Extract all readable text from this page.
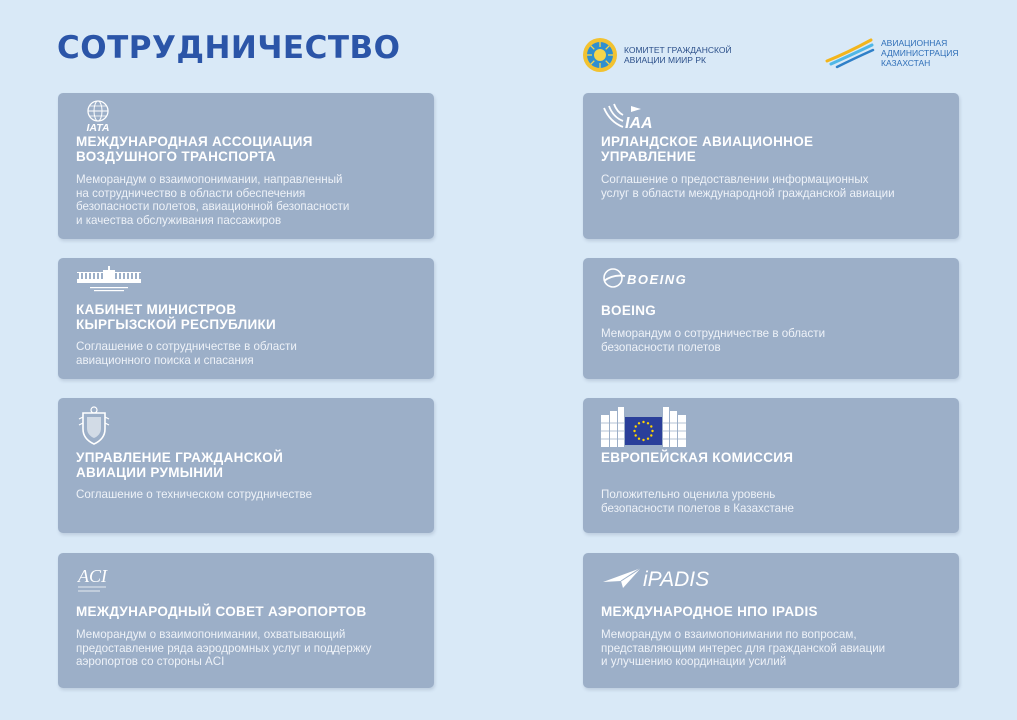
СОТРУДНИЧЕСТВО	КОМИТЕТ ГРАЖДАНСКОЙ
АВИАЦИИ МИИР РК
АВИАЦИОННАЯ
АДМИНИСТРАЦИЯ
КАЗАХСТАН
IATA
МЕЖДУНАРОДНАЯ АССОЦИАЦИЯ
ВОЗДУШНОГО ТРАНСПОРТА
Меморандум о взаимопонимании, направленный
на сотрудничество в области обеспечения
безопасности полетов, авиационной безопасности
и качества обслуживания пассажиров
IAA
ИРЛАНДСКОЕ АВИАЦИОННОЕ
УПРАВЛЕНИЕ
Соглашение о предоставлении информационных
услуг в области международной гражданской авиации
КАБИНЕТ МИНИСТРОВ
КЫРГЫЗСКОЙ РЕСПУБЛИКИ
Соглашение о сотрудничестве в области
авиационного поиска и спасания
BOEING
BOEING
Меморандум о сотрудничестве в области
безопасности полетов
УПРАВЛЕНИЕ ГРАЖДАНСКОЙ
АВИАЦИИ РУМЫНИИ
Соглашение о техническом сотрудничестве
ЕВРОПЕЙСКАЯ КОМИССИЯ
Положительно оценила уровень
безопасности полетов в Казахстане
ACI
МЕЖДУНАРОДНЫЙ СОВЕТ АЭРОПОРТОВ
Меморандум о взаимопонимании, охватывающий
предоставление ряда аэродромных услуг и поддержку
аэропортов со стороны ACI
iPADIS
МЕЖДУНАРОДНОЕ НПО IPADIS
Меморандум о взаимопонимании по вопросам,
представляющим интерес для гражданской авиации
и улучшению координации усилий
